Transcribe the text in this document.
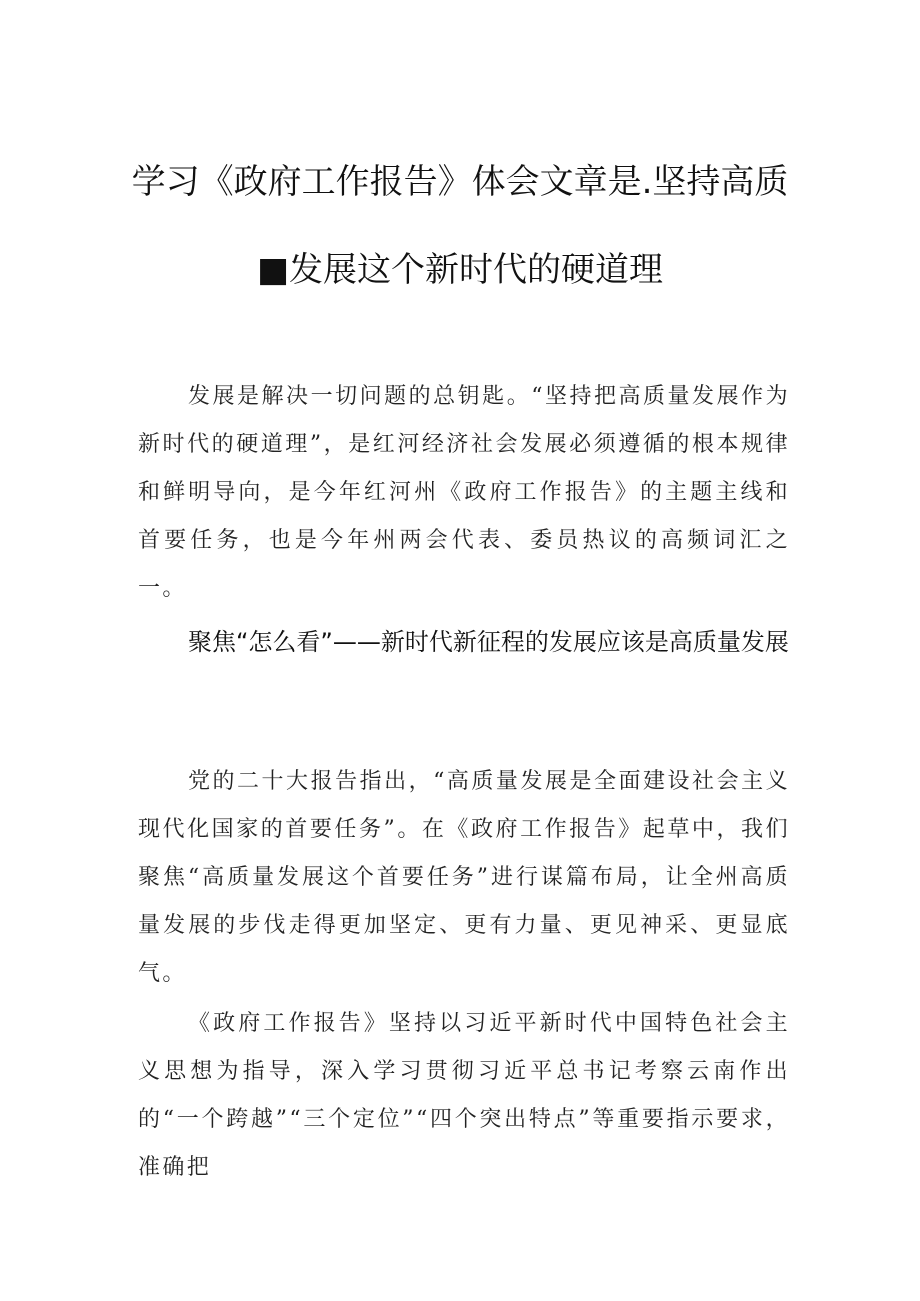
学习《政府工作报告》体会文章是.坚持高质
■发展这个新时代的硬道理
发展是解决一切问题的总钥匙。“坚持把高质量发展作为新时代的硬道理”，是红河经济社会发展必须遵循的根本规律和鲜明导向，是今年红河州《政府工作报告》的主题主线和首要任务，也是今年州两会代表、委员热议的高频词汇之一。
聚焦“怎么看”——新时代新征程的发展应该是高质量发展
党的二十大报告指出，“高质量发展是全面建设社会主义现代化国家的首要任务”。在《政府工作报告》起草中，我们聚焦“高质量发展这个首要任务”进行谋篇布局，让全州高质量发展的步伐走得更加坚定、更有力量、更见神采、更显底气。
《政府工作报告》坚持以习近平新时代中国特色社会主义思想为指导，深入学习贯彻习近平总书记考察云南作出的“一个跨越”“三个定位”“四个突出特点”等重要指示要求，准确把
